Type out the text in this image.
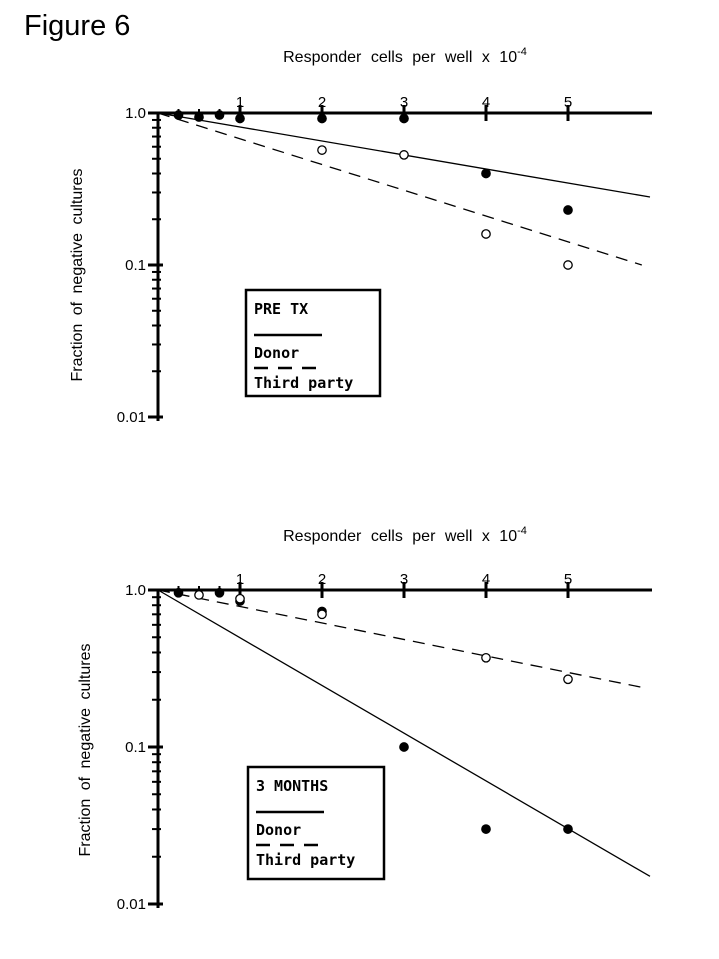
Figure 6
Responder cells per well x $10^{-4}$
1	2	3	4	5
1.0
0.1
0.01
Fraction of negative cultures	PRE TX
Donor
Third party
Responder cells per well x $10^{-4}$
1	2	3	4	5
1.0
0.1
0.01
Fraction of negative cultures	3 MONTHS
Donor
Third party
